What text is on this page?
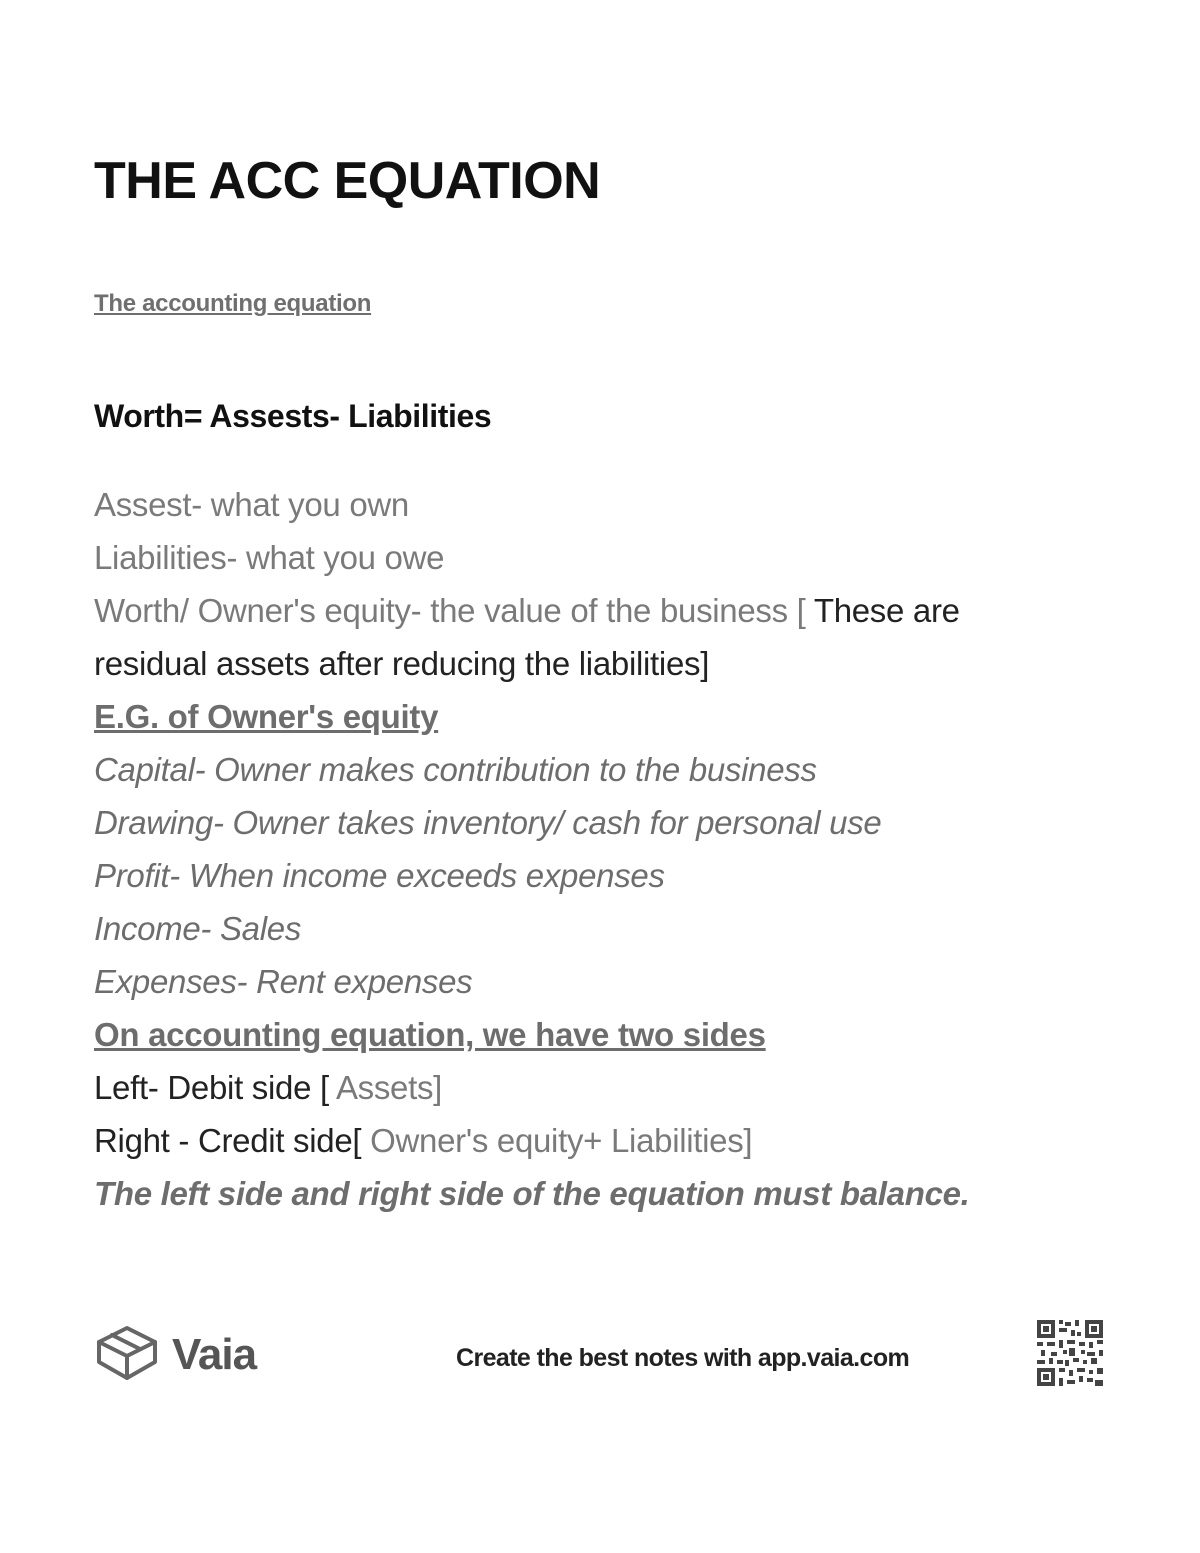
THE ACC EQUATION
The accounting equation
Worth= Assests- Liabilities
Assest- what you own
Liabilities- what you owe
Worth/ Owner's equity- the value of the business [ These are
residual assets after reducing the liabilities]
E.G. of Owner's equity
Capital- Owner makes contribution to the business
Drawing- Owner takes inventory/ cash for personal use
Profit- When income exceeds expenses
Income- Sales
Expenses- Rent expenses
On accounting equation, we have two sides
Left- Debit side [ Assets]
Right - Credit side[ Owner's equity+ Liabilities]
The left side and right side of the equation must balance.
Vaia	Create the best notes with app.vaia.com
